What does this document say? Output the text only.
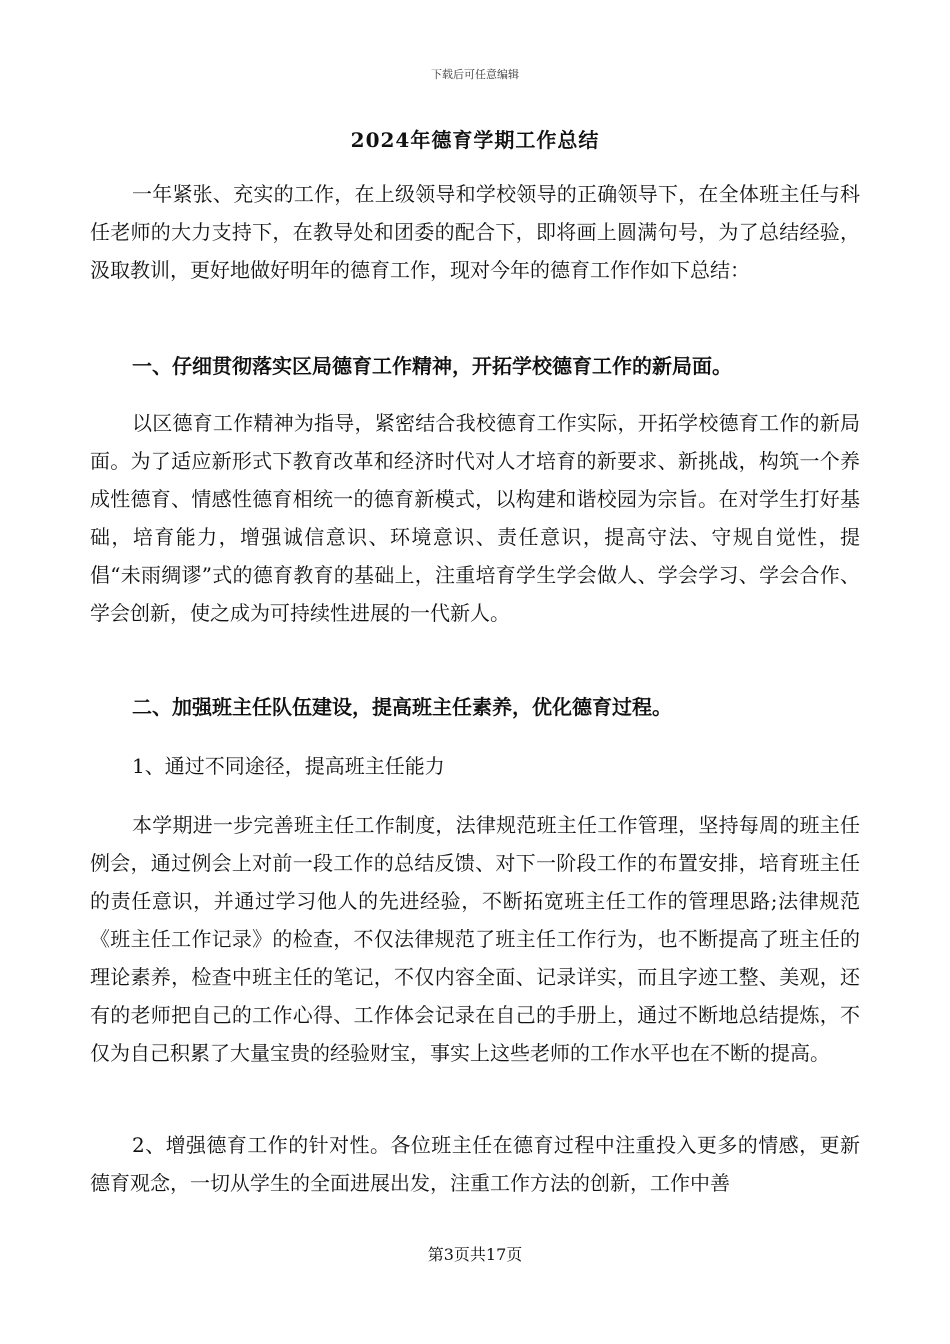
下载后可任意编辑
2024年德育学期工作总结

一年紧张、充实的工作，在上级领导和学校领导的正确领导下，在全体班主任与科任老师的大力支持下，在教导处和团委的配合下，即将画上圆满句号，为了总结经验，汲取教训，更好地做好明年的德育工作，现对今年的德育工作作如下总结：

一、仔细贯彻落实区局德育工作精神，开拓学校德育工作的新局面。

以区德育工作精神为指导，紧密结合我校德育工作实际，开拓学校德育工作的新局面。为了适应新形式下教育改革和经济时代对人才培育的新要求、新挑战，构筑一个养成性德育、情感性德育相统一的德育新模式，以构建和谐校园为宗旨。在对学生打好基础，培育能力，增强诚信意识、环境意识、责任意识，提高守法、守规自觉性，提倡“未雨绸谬”式的德育教育的基础上，注重培育学生学会做人、学会学习、学会合作、学会创新，使之成为可持续性进展的一代新人。

二、加强班主任队伍建设，提高班主任素养，优化德育过程。

1、通过不同途径，提高班主任能力

本学期进一步完善班主任工作制度，法律规范班主任工作管理，坚持每周的班主任例会，通过例会上对前一段工作的总结反馈、对下一阶段工作的布置安排，培育班主任的责任意识，并通过学习他人的先进经验，不断拓宽班主任工作的管理思路;法律规范《班主任工作记录》的检查，不仅法律规范了班主任工作行为，也不断提高了班主任的理论素养，检查中班主任的笔记，不仅内容全面、记录详实，而且字迹工整、美观，还有的老师把自己的工作心得、工作体会记录在自己的手册上，通过不断地总结提炼，不仅为自己积累了大量宝贵的经验财宝，事实上这些老师的工作水平也在不断的提高。

2、增强德育工作的针对性。各位班主任在德育过程中注重投入更多的情感，更新德育观念，一切从学生的全面进展出发，注重工作方法的创新，工作中善

第3页共17页
